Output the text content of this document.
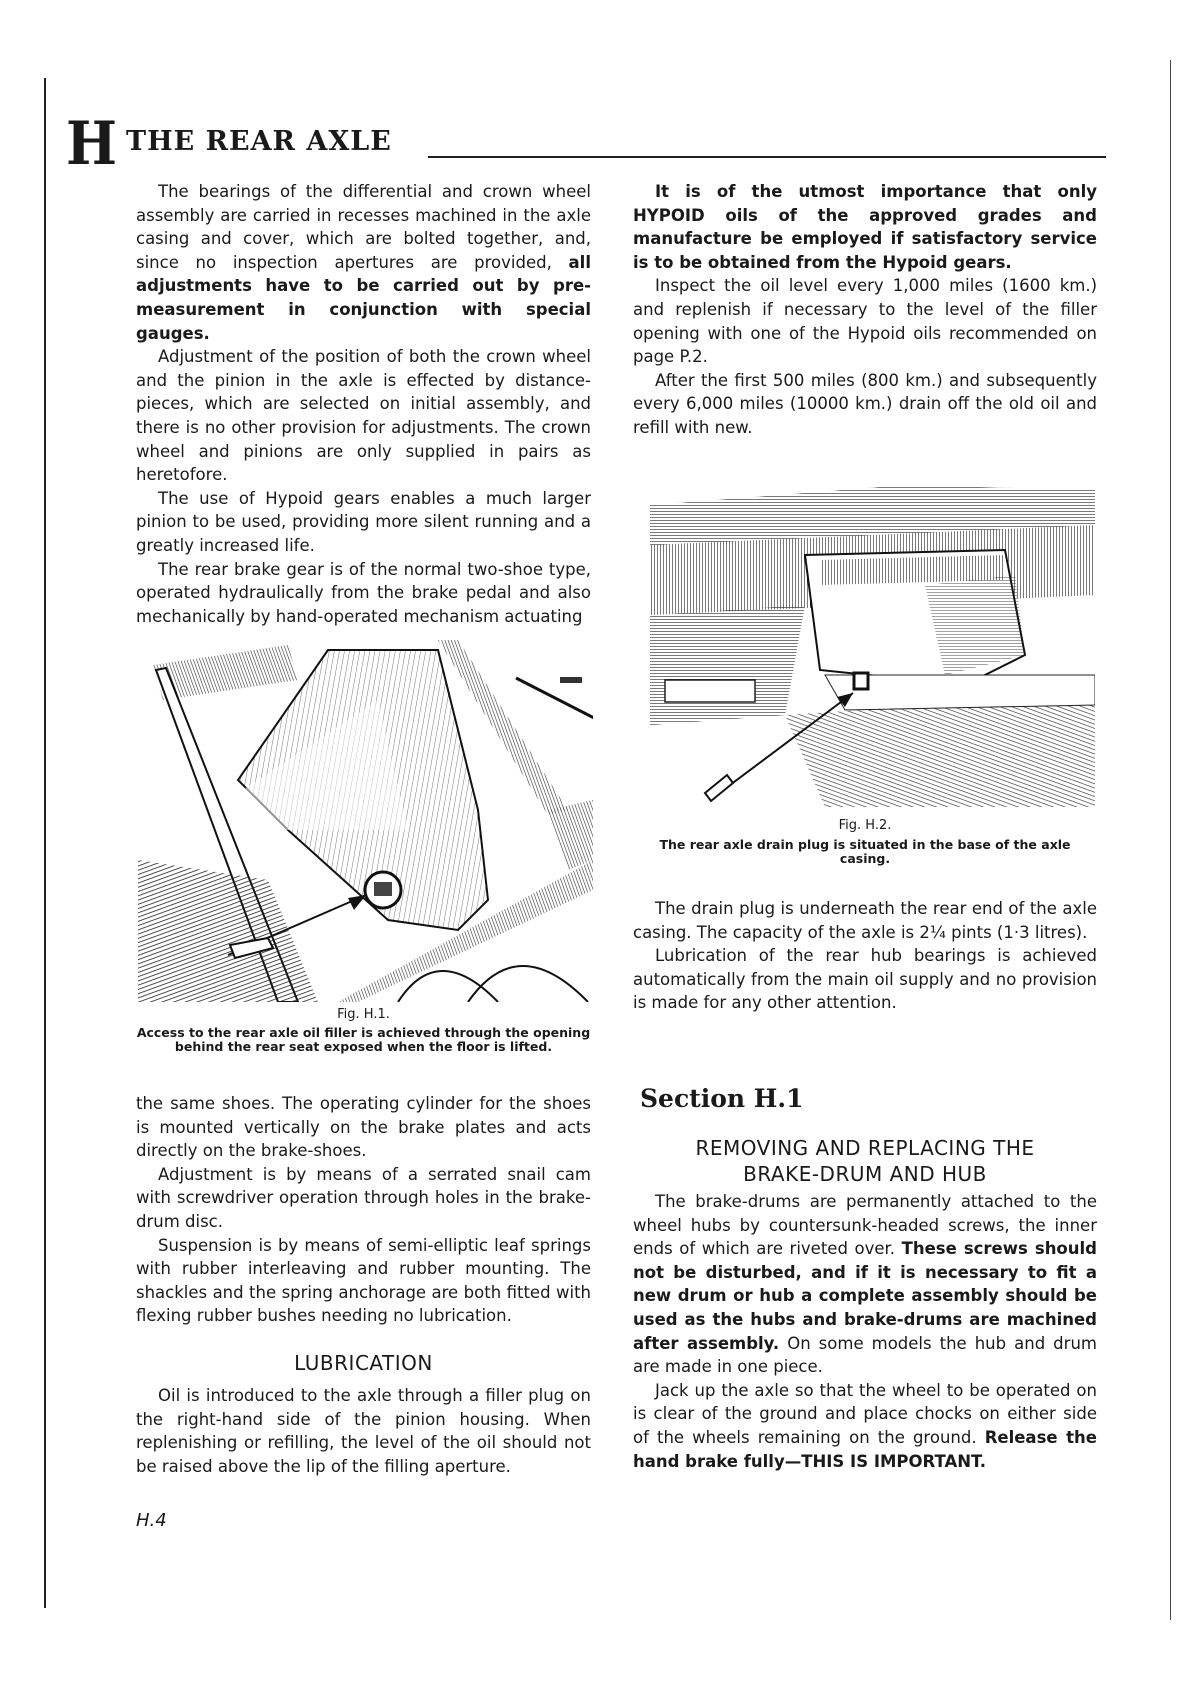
H THE REAR AXLE

The bearings of the differential and crown wheel assembly are carried in recesses machined in the axle casing and cover, which are bolted together, and, since no inspection apertures are provided, all adjustments have to be carried out by pre-measurement in conjunction with special gauges.

Adjustment of the position of both the crown wheel and the pinion in the axle is effected by distance-pieces, which are selected on initial assembly, and there is no other provision for adjustments. The crown wheel and pinions are only supplied in pairs as heretofore.

The use of Hypoid gears enables a much larger pinion to be used, providing more silent running and a greatly increased life.

The rear brake gear is of the normal two-shoe type, operated hydraulically from the brake pedal and also mechanically by hand-operated mechanism actuating

Fig. H.1.
Access to the rear axle oil filler is achieved through the opening behind the rear seat exposed when the floor is lifted.

the same shoes. The operating cylinder for the shoes is mounted vertically on the brake plates and acts directly on the brake-shoes.

Adjustment is by means of a serrated snail cam with screwdriver operation through holes in the brake-drum disc.

Suspension is by means of semi-elliptic leaf springs with rubber interleaving and rubber mounting. The shackles and the spring anchorage are both fitted with flexing rubber bushes needing no lubrication.

LUBRICATION

Oil is introduced to the axle through a filler plug on the right-hand side of the pinion housing. When replenishing or refilling, the level of the oil should not be raised above the lip of the filling aperture.

It is of the utmost importance that only HYPOID oils of the approved grades and manufacture be employed if satisfactory service is to be obtained from the Hypoid gears.

Inspect the oil level every 1,000 miles (1600 km.) and replenish if necessary to the level of the filler opening with one of the Hypoid oils recommended on page P.2.

After the first 500 miles (800 km.) and subsequently every 6,000 miles (10000 km.) drain off the old oil and refill with new.

Fig. H.2.
The rear axle drain plug is situated in the base of the axle casing.

The drain plug is underneath the rear end of the axle casing. The capacity of the axle is 2¼ pints (1·3 litres).

Lubrication of the rear hub bearings is achieved automatically from the main oil supply and no provision is made for any other attention.

Section H.1

REMOVING AND REPLACING THE

BRAKE-DRUM AND HUB

The brake-drums are permanently attached to the wheel hubs by countersunk-headed screws, the inner ends of which are riveted over. These screws should not be disturbed, and if it is necessary to fit a new drum or hub a complete assembly should be used as the hubs and brake-drums are machined after assembly. On some models the hub and drum are made in one piece.

Jack up the axle so that the wheel to be operated on is clear of the ground and place chocks on either side of the wheels remaining on the ground. Release the hand brake fully—THIS IS IMPORTANT.

H.4
